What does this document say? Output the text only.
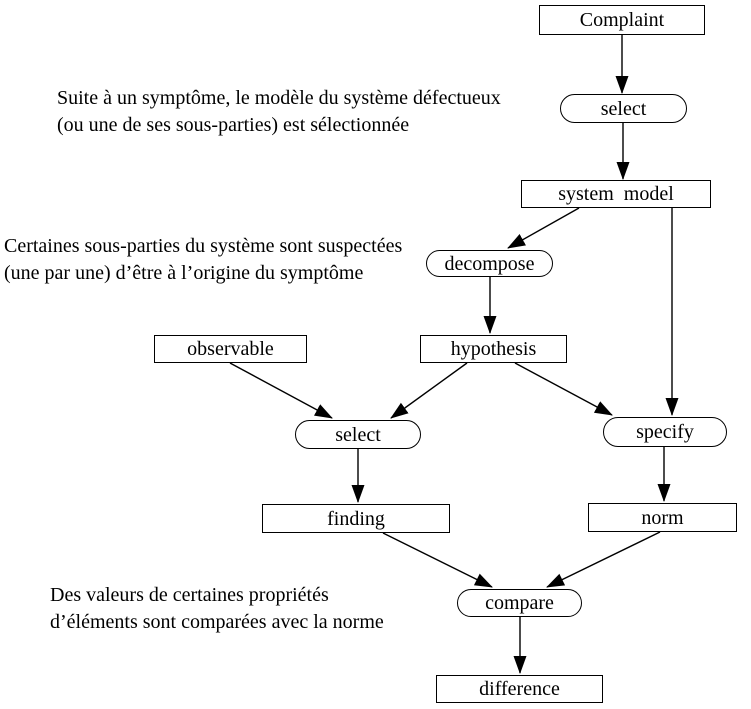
Complaint
select
system  model
decompose
hypothesis
observable
select	specify
finding	norm
compare
difference
Suite à un symptôme, le modèle du système défectueux
(ou une de ses sous-parties) est sélectionnée
Certaines sous-parties du système sont suspectées
(une par une) d’être à l’origine du symptôme
Des valeurs de certaines propriétés
d’éléments sont comparées avec la norme
